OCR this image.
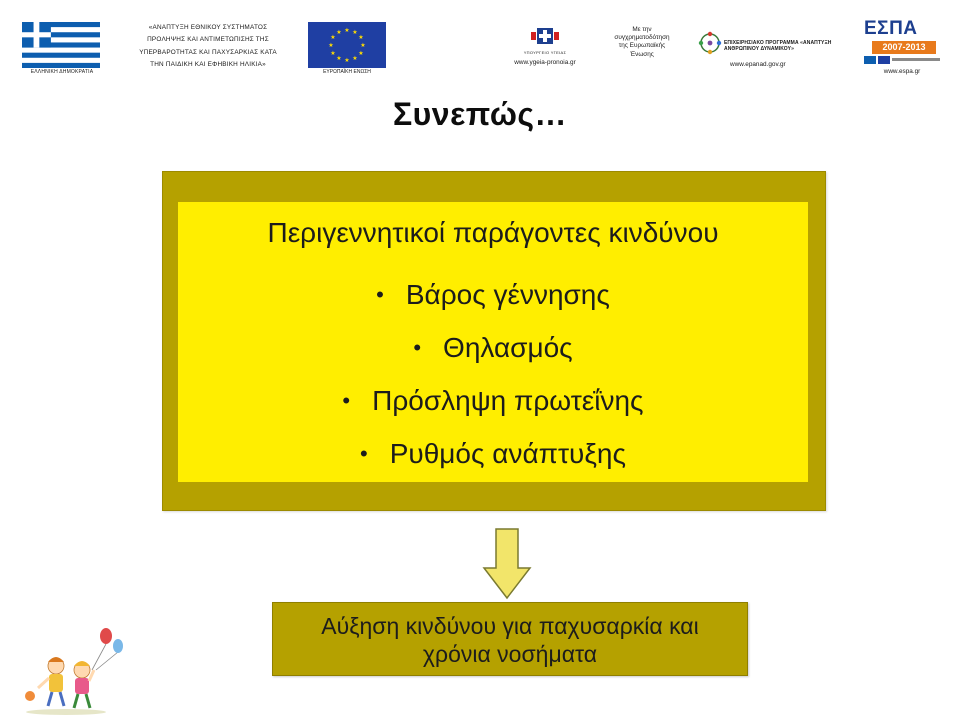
ΕΛΛΗΝΙΚΗ ΔΗΜΟΚΡΑΤΙΑ
«ΑΝΑΠΤΥΞΗ ΕΘΝΙΚΟΥ ΣΥΣΤΗΜΑΤΟΣ
ΠΡΟΛΗΨΗΣ ΚΑΙ ΑΝΤΙΜΕΤΩΠΙΣΗΣ ΤΗΣ
ΥΠΕΡΒΑΡΟΤΗΤΑΣ ΚΑΙ ΠΑΧΥΣΑΡΚΙΑΣ ΚΑΤΑ
ΤΗΝ ΠΑΙΔΙΚΗ ΚΑΙ ΕΦΗΒΙΚΗ ΗΛΙΚΙΑ»
★ ★
★
★
★
★
★
★
★
★
★
★
ΕΥΡΩΠΑΪΚΗ ΕΝΩΣΗ
ΥΠΟΥΡΓΕΙΟ ΥΓΕΙΑΣ
www.ygeia-pronoia.gr
Με την
συγχρηματοδότηση
της Ευρωπαϊκής
Ένωσης
ΕΠΙΧΕΙΡΗΣΙΑΚΟ ΠΡΟΓΡΑΜΜΑ «ΑΝΑΠΤΥΞΗ ΑΝΘΡΩΠΙΝΟΥ ΔΥΝΑΜΙΚΟΥ»
www.epanad.gov.gr
ΕΣΠΑ
2007-2013
www.espa.gr
Συνεπώς…
Περιγεννητικοί παράγοντες κινδύνου
• Βάρος γέννησης
• Θηλασμός
• Πρόσληψη πρωτεΐνης
• Ρυθμός ανάπτυξης
Αύξηση κινδύνου για παχυσαρκία και
χρόνια νοσήματα
